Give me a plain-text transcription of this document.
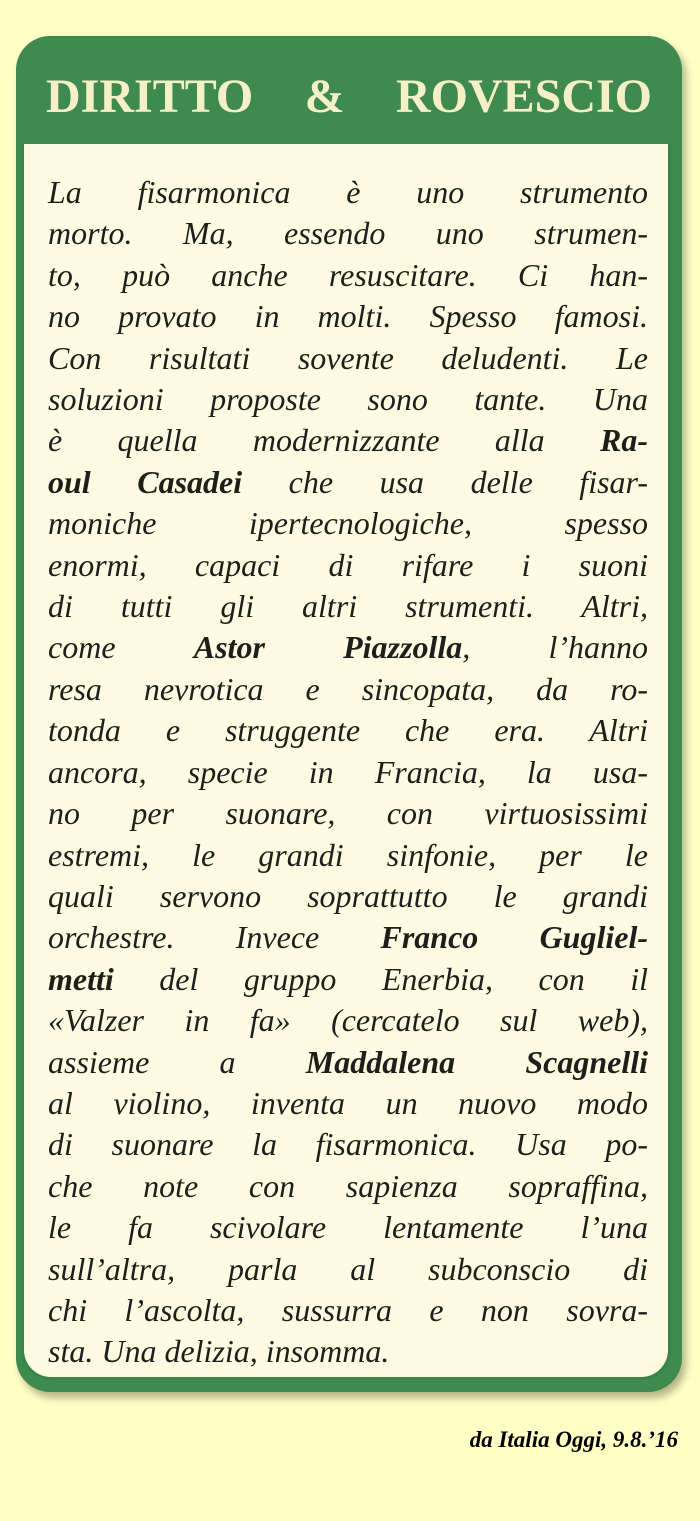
DIRITTO & ROVESCIO
La fisarmonica è uno strumento
morto. Ma, essendo uno strumen-
to, può anche resuscitare. Ci han-
no provato in molti. Spesso famosi.
Con risultati sovente deludenti. Le
soluzioni proposte sono tante. Una
è quella modernizzante alla Ra-
oul Casadei che usa delle fisar-
moniche ipertecnologiche, spesso
enormi, capaci di rifare i suoni
di tutti gli altri strumenti. Altri,
come Astor Piazzolla, l’hanno
resa nevrotica e sincopata, da ro-
tonda e struggente che era. Altri
ancora, specie in Francia, la usa-
no per suonare, con virtuosissimi
estremi, le grandi sinfonie, per le
quali servono soprattutto le grandi
orchestre. Invece Franco Gugliel-
metti del gruppo Enerbia, con il
«Valzer in fa» (cercatelo sul web),
assieme a Maddalena Scagnelli
al violino, inventa un nuovo modo
di suonare la fisarmonica. Usa po-
che note con sapienza sopraffina,
le fa scivolare lentamente l’una
sull’altra, parla al subconscio di
chi l’ascolta, sussurra e non sovra-
sta. Una delizia, insomma.
da Italia Oggi, 9.8.’16
